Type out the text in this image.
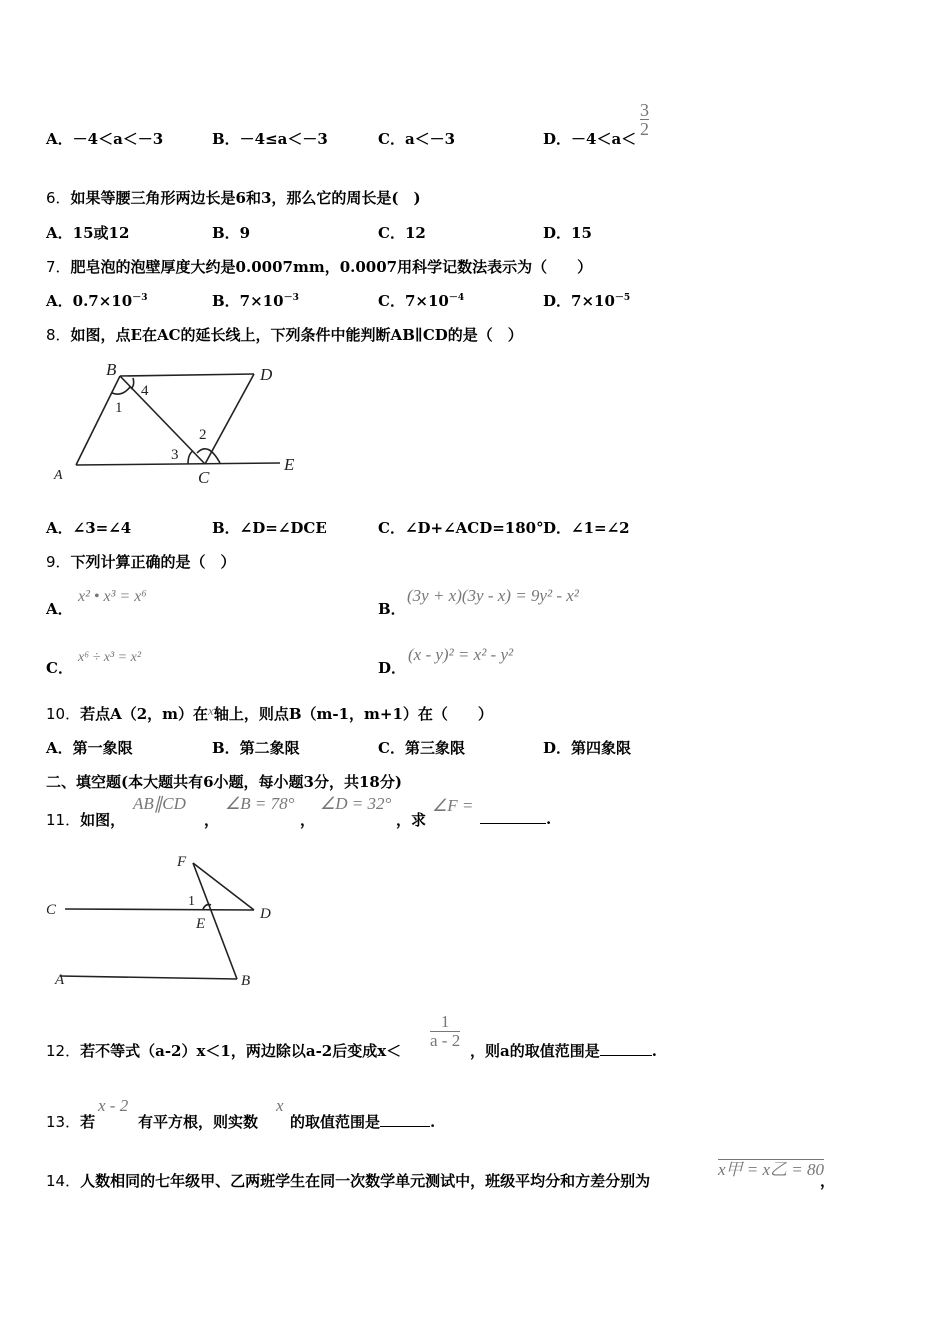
A．－4＜a＜－3	B．－4≤a＜－3	C．a＜－3	D．－4＜a＜
$\frac{3}{2}$
6．如果等腰三角形两边长是6和3，那么它的周长是(　)
A．15或12	B．9	C．12	D．15
7．肥皂泡的泡壁厚度大约是0.0007mm，0.0007用科学记数法表示为（　　）
A．$0.7\times 10^{-3}$	B．$7\times 10^{-3}$	C．$7\times 10^{-4}$	D．$7\times 10^{-5}$
8．如图，点E在AC的延长线上，下列条件中能判断AB∥CD的是（　）
B	D
A	C
E
1
4
3
2
A．∠3=∠4	B．∠D=∠DCE	C．∠D+∠ACD=180° D．∠1=∠2
9．下列计算正确的是（　）
A．
x² • x³ = x⁶
B．
(3y + x)(3y - x) = 9y² - x²
C．
x⁶ ÷ x³ = x²
D．
(x - y)² = x² - y²
10．若点A（2，m）在x轴上，则点B（m-1，m+1）在（　　）
A．第一象限	B．第二象限	C．第三象限	D．第四象限
二、填空题(本大题共有6小题，每小题3分，共18分)
11．如图，
AB∥CD
，
∠B = 78°
，
∠D = 32°
，求
∠F =
.
F
C
1
E
D
A	B
12．若不等式（a-2）x＜1，两边除以a-2后变成x＜
$\frac{1}{a - 2}$
，则a的取值范围是	.
13．若
x - 2
有平方根，则实数
x
的取值范围是	.
14．人数相同的七年级甲、乙两班学生在同一次数学单元测试中，班级平均分和方差分别为
x甲 = x乙 = 80
，
